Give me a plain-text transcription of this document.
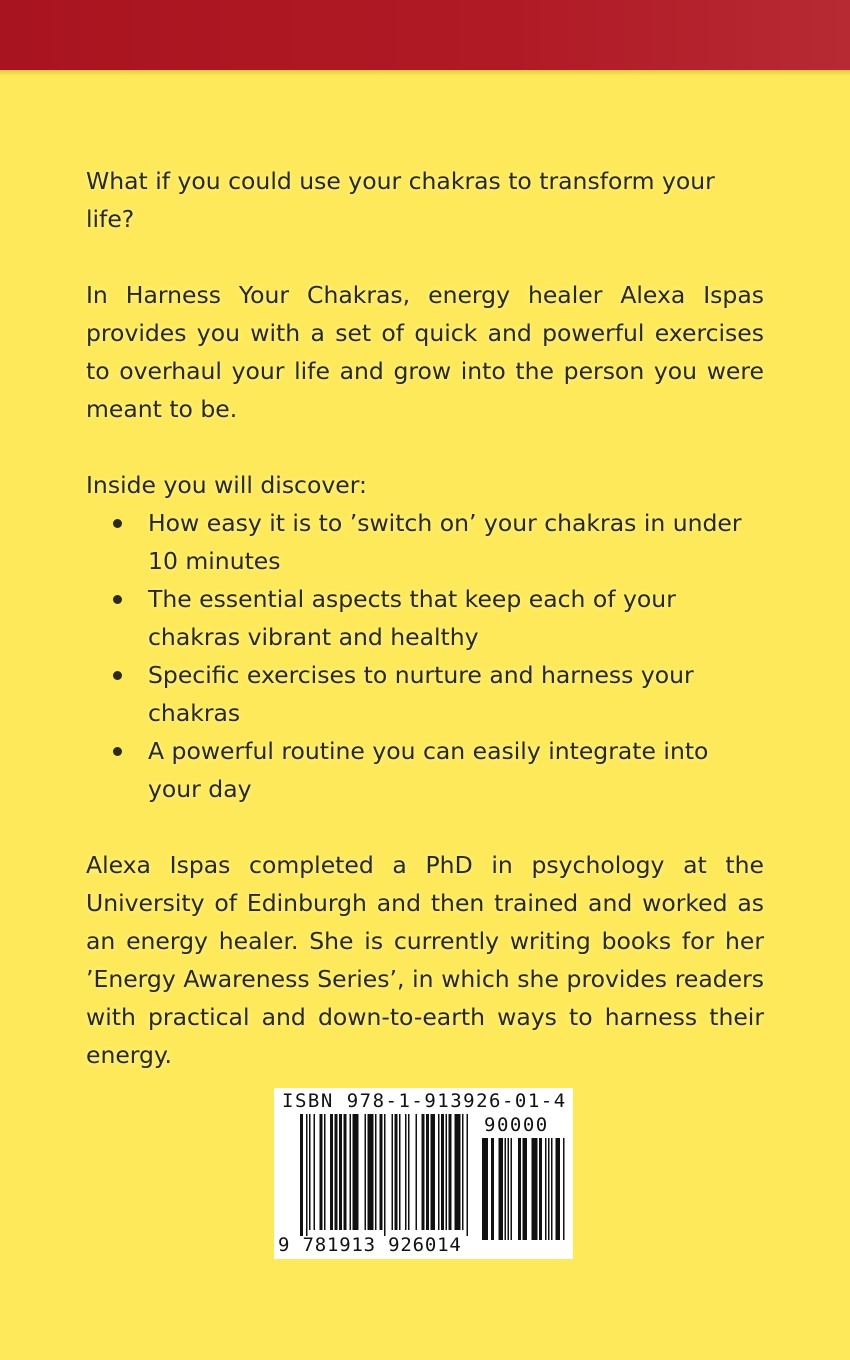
What if you could use your chakras to transform your life?

In Harness Your Chakras, energy healer Alexa Ispas provides you with a set of quick and powerful exercises to overhaul your life and grow into the person you were meant to be.

Inside you will discover:

How easy it is to ’switch on’ your chakras in under 10 minutes
The essential aspects that keep each of your chakras vibrant and healthy
Specific exercises to nurture and harness your chakras
A powerful routine you can easily integrate into your day

Alexa Ispas completed a PhD in psychology at the University of Edinburgh and then trained and worked as an energy healer. She is currently writing books for her ’Energy Awareness Series’, in which she provides readers with practical and down-to-earth ways to harness their energy.

ISBN 978-1-913926-01-4
90000
9 781913 926014
